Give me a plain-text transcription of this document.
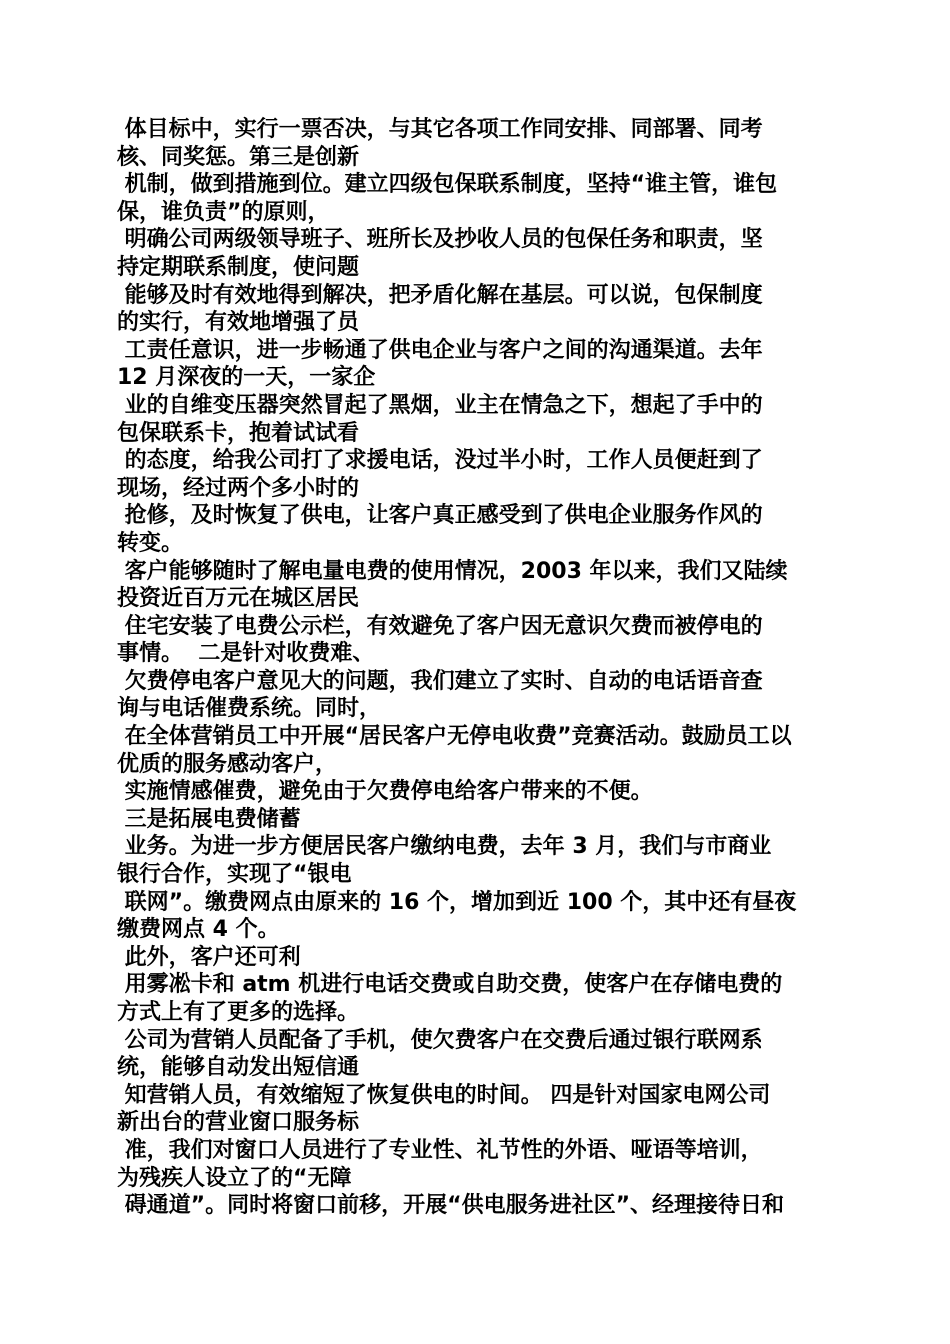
体目标中，实行一票否决，与其它各项工作同安排、同部署、同考
核、同奖惩。第三是创新
机制，做到措施到位。建立四级包保联系制度，坚持“谁主管，谁包
保，谁负责”的原则，
明确公司两级领导班子、班所长及抄收人员的包保任务和职责，坚
持定期联系制度，使问题
能够及时有效地得到解决，把矛盾化解在基层。可以说，包保制度
的实行，有效地增强了员
工责任意识，进一步畅通了供电企业与客户之间的沟通渠道。去年
12 月深夜的一天，一家企
业的自维变压器突然冒起了黑烟，业主在情急之下，想起了手中的
包保联系卡，抱着试试看
的态度，给我公司打了求援电话，没过半小时，工作人员便赶到了
现场，经过两个多小时的
抢修，及时恢复了供电，让客户真正感受到了供电企业服务作风的
转变。
客户能够随时了解电量电费的使用情况，2003 年以来，我们又陆续
投资近百万元在城区居民
住宅安装了电费公示栏，有效避免了客户因无意识欠费而被停电的
事情。  二是针对收费难、
欠费停电客户意见大的问题，我们建立了实时、自动的电话语音查
询与电话催费系统。同时，
在全体营销员工中开展“居民客户无停电收费”竞赛活动。鼓励员工以
优质的服务感动客户，
实施情感催费，避免由于欠费停电给客户带来的不便。
三是拓展电费储蓄
业务。为进一步方便居民客户缴纳电费，去年 3 月，我们与市商业
银行合作，实现了“银电
联网”。缴费网点由原来的 16 个，增加到近 100 个，其中还有昼夜
缴费网点 4 个。
此外，客户还可利
用雾凇卡和 atm 机进行电话交费或自助交费，使客户在存储电费的
方式上有了更多的选择。
公司为营销人员配备了手机，使欠费客户在交费后通过银行联网系
统，能够自动发出短信通
知营销人员，有效缩短了恢复供电的时间。 四是针对国家电网公司
新出台的营业窗口服务标
准，我们对窗口人员进行了专业性、礼节性的外语、哑语等培训，
为残疾人设立了的“无障
碍通道”。同时将窗口前移，开展“供电服务进社区”、经理接待日和
